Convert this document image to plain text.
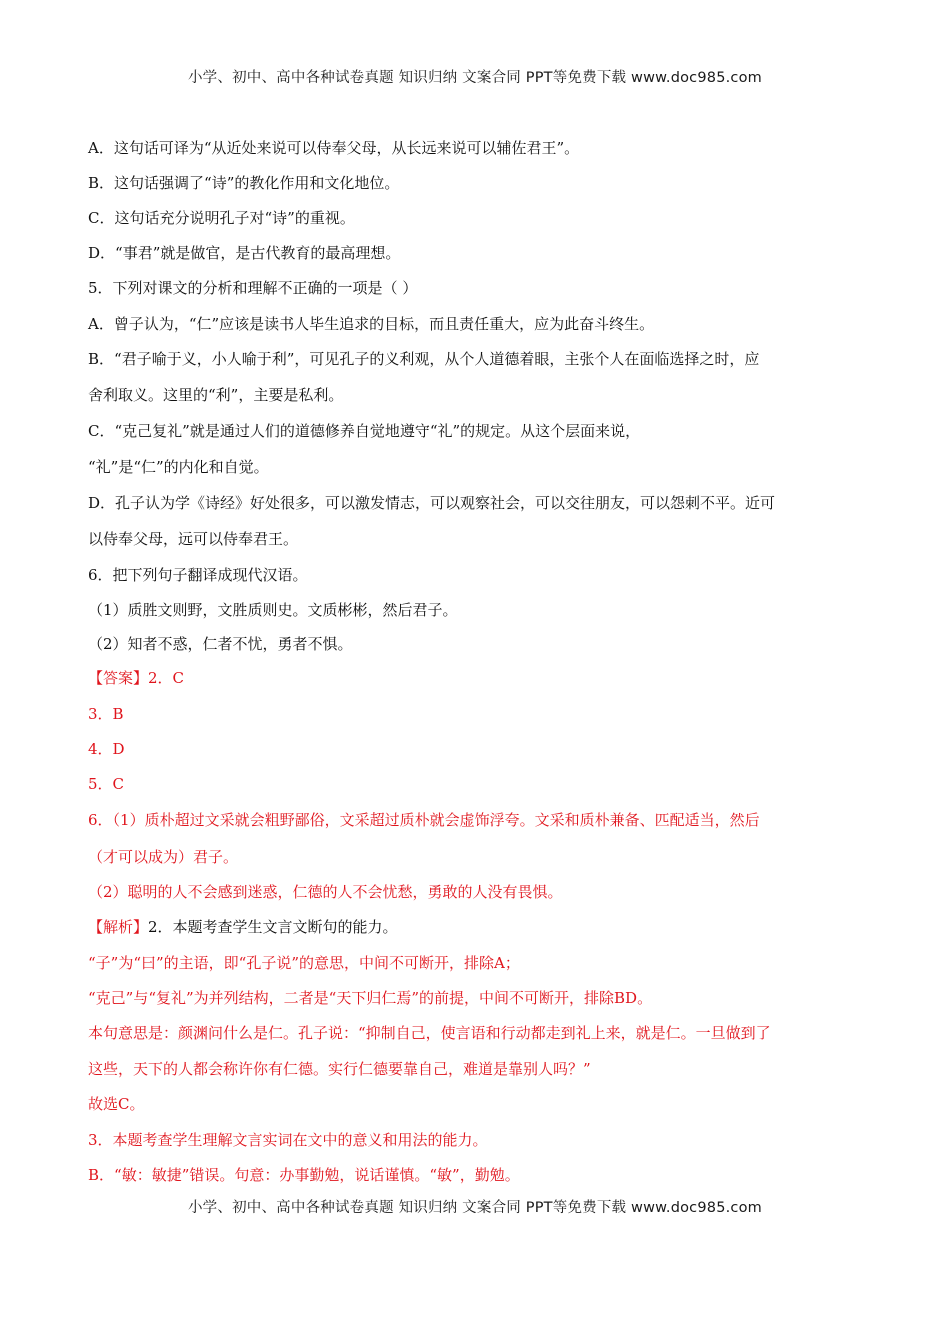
小学、初中、高中各种试卷真题 知识归纳 文案合同 PPT等免费下载 www.doc985.com
A．这句话可译为“从近处来说可以侍奉父母，从长远来说可以辅佐君王”。
B．这句话强调了“诗”的教化作用和文化地位。
C．这句话充分说明孔子对“诗”的重视。
D．“事君”就是做官，是古代教育的最高理想。
5．下列对课文的分析和理解不正确的一项是（ ）
A．曾子认为，“仁”应该是读书人毕生追求的目标，而且责任重大，应为此奋斗终生。
B．“君子喻于义，小人喻于利”，可见孔子的义利观，从个人道德着眼，主张个人在面临选择之时，应
舍利取义。这里的“利”，主要是私利。
C．“克己复礼”就是通过人们的道德修养自觉地遵守“礼”的规定。从这个层面来说，
“礼”是“仁”的内化和自觉。
D．孔子认为学《诗经》好处很多，可以激发情志，可以观察社会，可以交往朋友，可以怨刺不平。近可
以侍奉父母，远可以侍奉君王。
6．把下列句子翻译成现代汉语。
（1）质胜文则野，文胜质则史。文质彬彬，然后君子。
（2）知者不惑，仁者不忧，勇者不惧。
【答案】2．C
3．B
4．D
5．C
6．（1）质朴超过文采就会粗野鄙俗，文采超过质朴就会虚饰浮夸。文采和质朴兼备、匹配适当，然后
（才可以成为）君子。
（2）聪明的人不会感到迷惑，仁德的人不会忧愁，勇敢的人没有畏惧。
【解析】2．本题考查学生文言文断句的能力。
“子”为“曰”的主语，即“孔子说”的意思，中间不可断开，排除A；
“克己”与“复礼”为并列结构，二者是“天下归仁焉”的前提，中间不可断开，排除BD。
本句意思是：颜渊问什么是仁。孔子说：“抑制自己，使言语和行动都走到礼上来，就是仁。一旦做到了
这些，天下的人都会称许你有仁德。实行仁德要靠自己，难道是靠别人吗？”
故选C。
3．本题考查学生理解文言实词在文中的意义和用法的能力。
B．“敏：敏捷”错误。句意：办事勤勉，说话谨慎。“敏”，勤勉。
小学、初中、高中各种试卷真题 知识归纳 文案合同 PPT等免费下载 www.doc985.com
